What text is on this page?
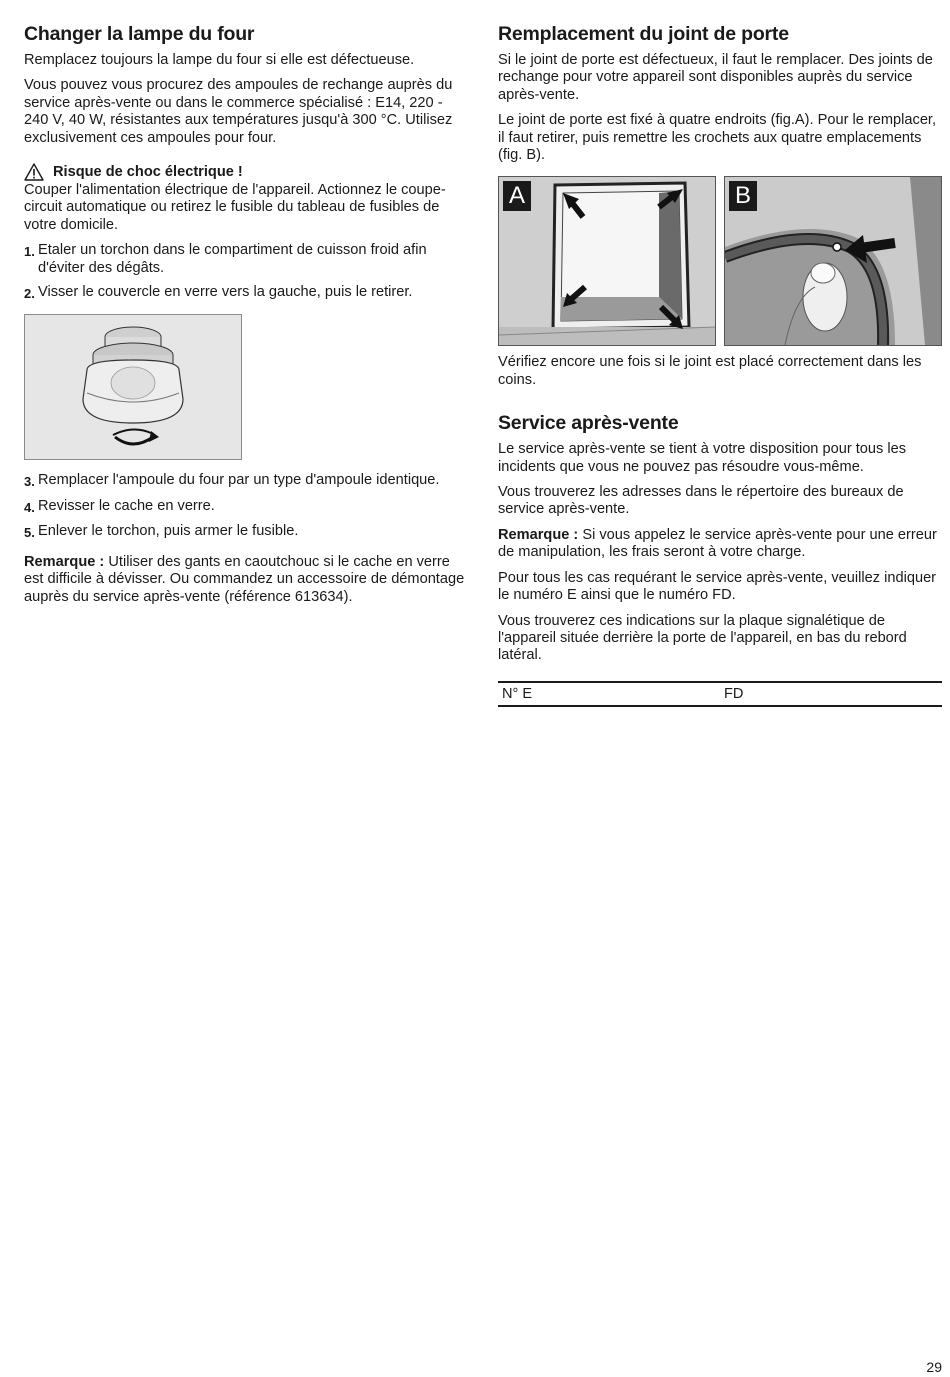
Changer la lampe du four

Remplacez toujours la lampe du four si elle est défectueuse.

Vous pouvez vous procurez des ampoules de rechange auprès du service après-vente ou dans le commerce spécialisé : E14, 220 - 240 V, 40 W, résistantes aux températures jusqu'à 300 °C. Utilisez exclusivement ces ampoules pour four.

Risque de choc électrique !

Couper l'alimentation électrique de l'appareil. Actionnez le coupe-circuit automatique ou retirez le fusible du tableau de fusibles de votre domicile.

1. Etaler un torchon dans le compartiment de cuisson froid afin d'éviter des dégâts.
2. Visser le couvercle en verre vers la gauche, puis le retirer.
3. Remplacer l'ampoule du four par un type d'ampoule identique.
4. Revisser le cache en verre.
5. Enlever le torchon, puis armer le fusible.

Remarque : Utiliser des gants en caoutchouc si le cache en verre est difficile à dévisser. Ou commandez un accessoire de démontage auprès du service après-vente (référence 613634).

Remplacement du joint de porte

Si le joint de porte est défectueux, il faut le remplacer. Des joints de rechange pour votre appareil sont disponibles auprès du service après-vente.

Le joint de porte est fixé à quatre endroits (fig.A). Pour le remplacer, il faut retirer, puis remettre les crochets aux quatre emplacements (fig. B).

A	B

Vérifiez encore une fois si le joint est placé correctement dans les coins.

Service après-vente

Le service après-vente se tient à votre disposition pour tous les incidents que vous ne pouvez pas résoudre vous-même.

Vous trouverez les adresses dans le répertoire des bureaux de service après-vente.

Remarque : Si vous appelez le service après-vente pour une erreur de manipulation, les frais seront à votre charge.

Pour tous les cas requérant le service après-vente, veuillez indiquer le numéro E ainsi que le numéro FD.

Vous trouverez ces indications sur la plaque signalétique de l'appareil située derrière la porte de l'appareil, en bas du rebord latéral.

N° E	FD
29
